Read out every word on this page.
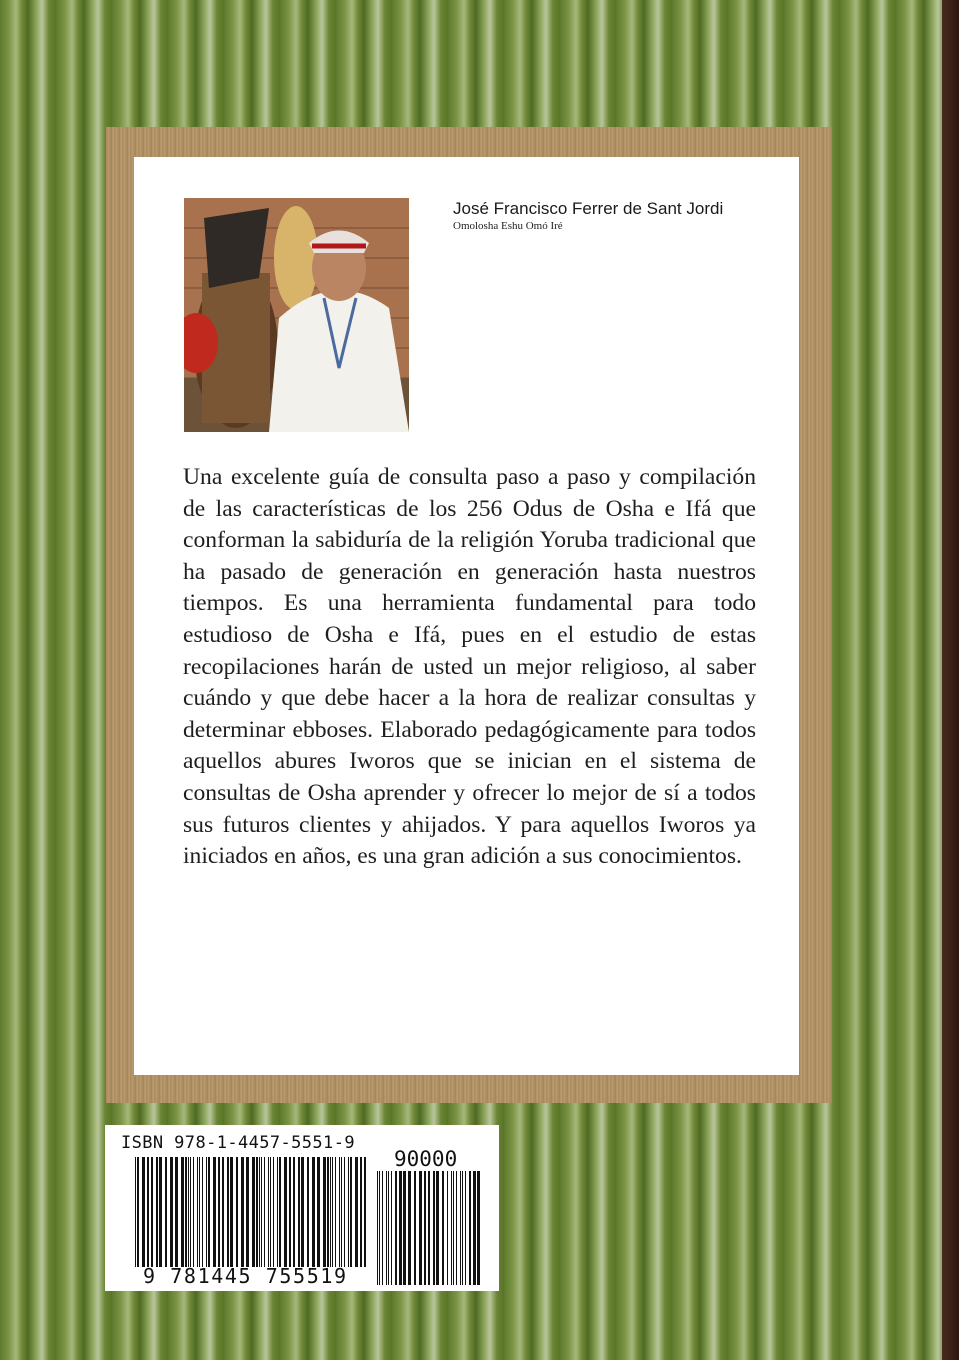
José Francisco Ferrer de Sant Jordi
Omolosha Eshu Omó Iré
Una excelente guía de consulta paso a paso y compilación de las características de los 256 Odus de Osha e Ifá que conforman la sabiduría de la religión Yoruba tradicional que ha pasado de generación en generación hasta nuestros tiempos. Es una herramienta fundamental para todo estudioso de Osha e Ifá, pues en el estudio de estas recopilaciones harán de usted un mejor religioso, al saber cuándo y que debe hacer a la hora de realizar consultas y determinar ebboses. Elaborado pedagógicamente para todos aquellos abures Iworos que se inician en el sistema de consultas de Osha aprender y ofrecer lo mejor de sí a todos sus futuros clientes y ahijados. Y para aquellos Iworos ya iniciados en años, es una gran adición a sus conocimientos.
ISBN 978-1-4457-5551-9
90000
9 781445 755519
